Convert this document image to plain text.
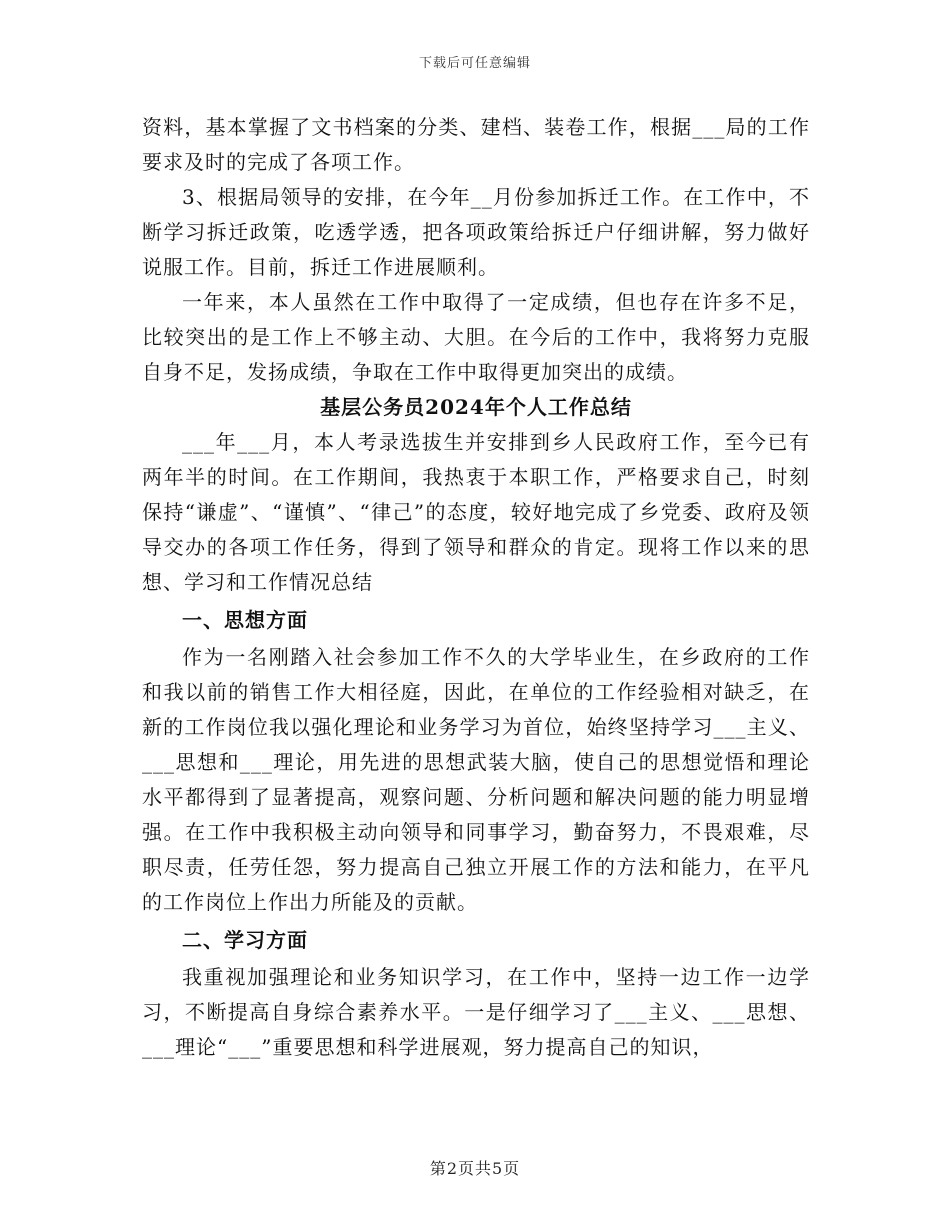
下载后可任意编辑

资料，基本掌握了文书档案的分类、建档、装卷工作，根据___局的工作要求及时的完成了各项工作。

3、根据局领导的安排，在今年__月份参加拆迁工作。在工作中，不断学习拆迁政策，吃透学透，把各项政策给拆迁户仔细讲解，努力做好说服工作。目前，拆迁工作进展顺利。

一年来，本人虽然在工作中取得了一定成绩，但也存在许多不足，比较突出的是工作上不够主动、大胆。在今后的工作中，我将努力克服自身不足，发扬成绩，争取在工作中取得更加突出的成绩。

基层公务员2024年个人工作总结

___年___月，本人考录选拔生并安排到乡人民政府工作，至今已有两年半的时间。在工作期间，我热衷于本职工作，严格要求自己，时刻保持“谦虚”、“谨慎”、“律己”的态度，较好地完成了乡党委、政府及领导交办的各项工作任务，得到了领导和群众的肯定。现将工作以来的思想、学习和工作情况总结

一、思想方面

作为一名刚踏入社会参加工作不久的大学毕业生，在乡政府的工作和我以前的销售工作大相径庭，因此，在单位的工作经验相对缺乏，在新的工作岗位我以强化理论和业务学习为首位，始终坚持学习___主义、___思想和___理论，用先进的思想武装大脑，使自己的思想觉悟和理论水平都得到了显著提高，观察问题、分析问题和解决问题的能力明显增强。在工作中我积极主动向领导和同事学习，勤奋努力，不畏艰难，尽职尽责，任劳任怨，努力提高自己独立开展工作的方法和能力，在平凡的工作岗位上作出力所能及的贡献。

二、学习方面

我重视加强理论和业务知识学习，在工作中，坚持一边工作一边学习，不断提高自身综合素养水平。一是仔细学习了___主义、___思想、___理论“___”重要思想和科学进展观，努力提高自己的知识，

第2页共5页
